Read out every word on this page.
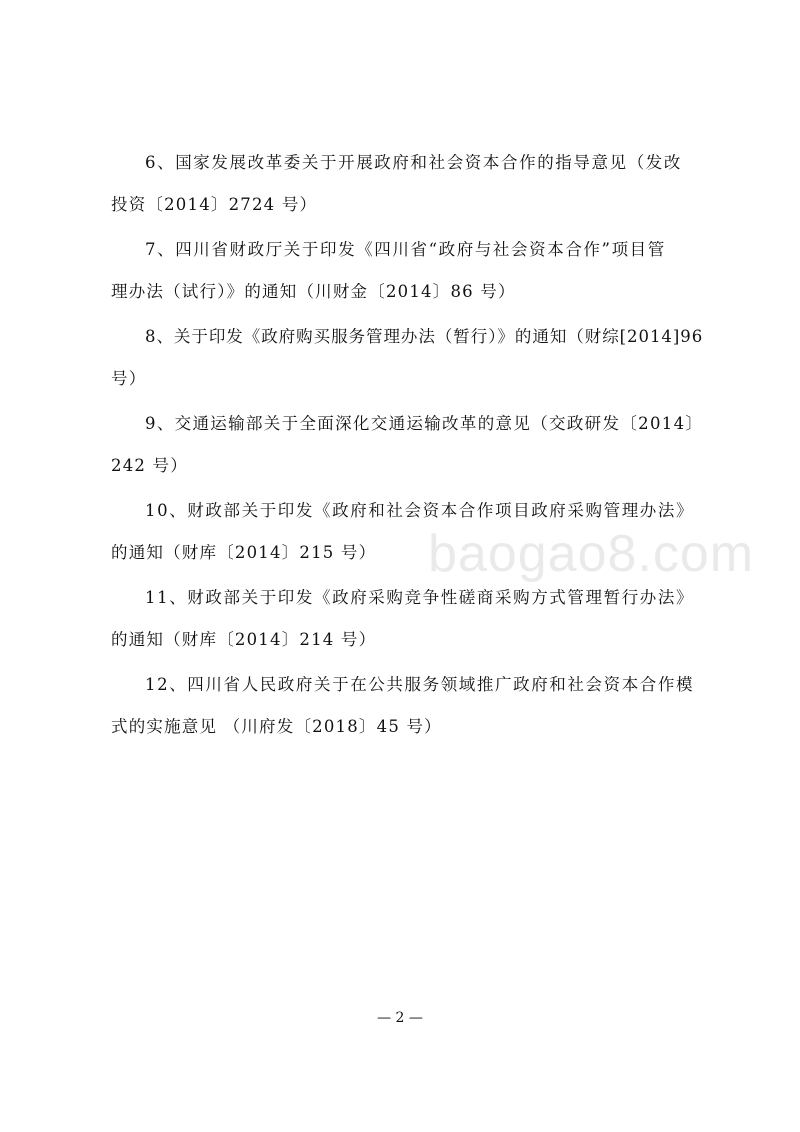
6、国家发展改革委关于开展政府和社会资本合作的指导意见（发改
投资〔2014〕2724 号）
7、四川省财政厅关于印发《四川省“政府与社会资本合作”项目管
理办法（试行）》的通知（川财金〔2014〕86 号）
8、关于印发《政府购买服务管理办法（暂行）》的通知（财综[2014]96
号）
9、交通运输部关于全面深化交通运输改革的意见（交政研发〔2014〕
242 号）
10、财政部关于印发《政府和社会资本合作项目政府采购管理办法》
的通知（财库〔2014〕215 号）
11、财政部关于印发《政府采购竞争性磋商采购方式管理暂行办法》
的通知（财库〔2014〕214 号）
12、四川省人民政府关于在公共服务领域推广政府和社会资本合作模
式的实施意见 （川府发〔2018〕45 号）
baogao8.com
— 2 —
